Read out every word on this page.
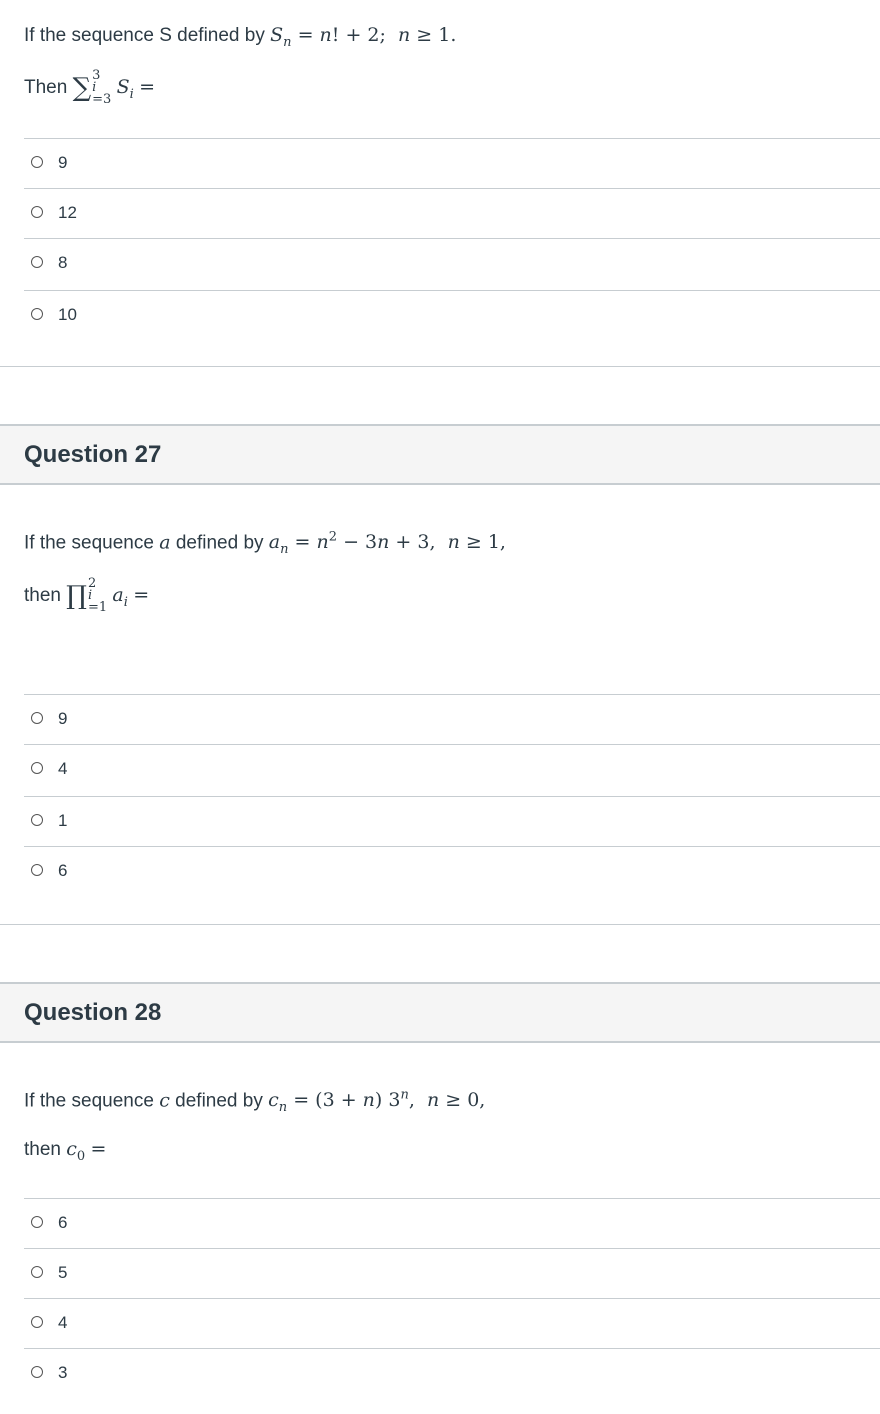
If the sequence S defined by $S_n = n$! + 2;  n ≥ 1.
Then ∑ 3
i
=3
$S_i$ =
9
12
8
10
Question 27
If the sequence a defined by $a_n = n^2 - 3n + 3$,  n ≥ 1,
then ∏ 2
i
=1
$a_i$ =
9
4
1
6
Question 28
If the sequence c defined by $c_n = (3 + n)$ 3$^n$,  n ≥ 0,
then $c_0$ =
6
5
4
3
